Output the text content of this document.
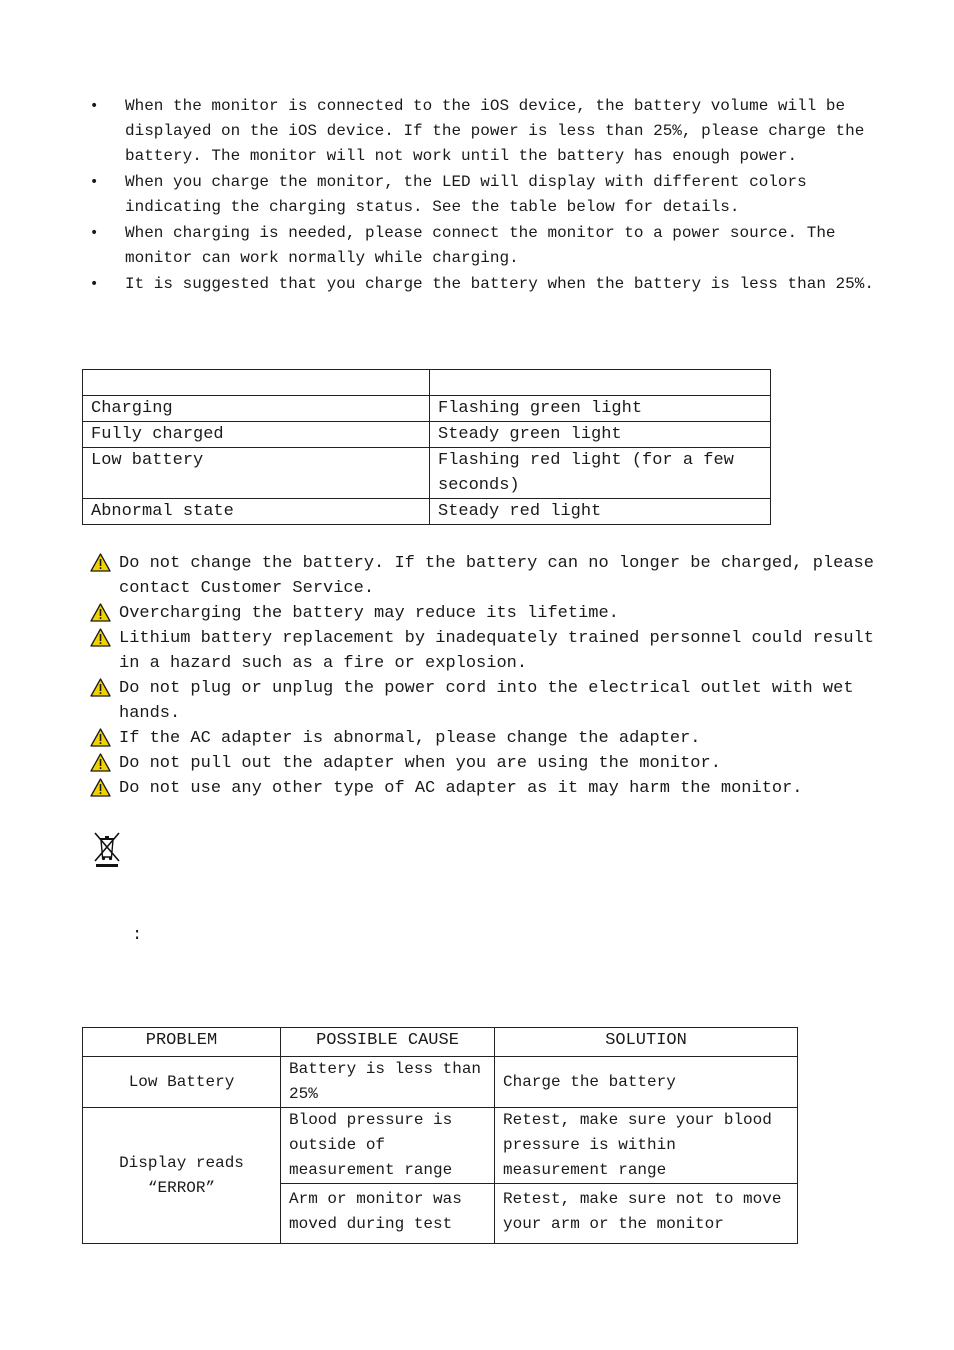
• When the monitor is connected to the iOS device, the battery volume will be displayed on the iOS device. If the power is less than 25%, please charge the battery. The monitor will not work until the battery has enough power.
• When you charge the monitor, the LED will display with different colors indicating the charging status. See the table below for details.
• When charging is needed, please connect the monitor to a power source. The monitor can work normally while charging.
• It is suggested that you charge the battery when the battery is less than 25%.

Charging	Flashing green light
Fully charged	Steady green light
Low battery	Flashing red light (for a few seconds)
Abnormal state	Steady red light
Do not change the battery. If the battery can no longer be charged, please contact Customer Service.
Overcharging the battery may reduce its lifetime.
Lithium battery replacement by inadequately trained personnel could result in a hazard such as a fire or explosion.
Do not plug or unplug the power cord into the electrical outlet with wet hands.
If the AC adapter is abnormal, please change the adapter.
Do not pull out the adapter when you are using the monitor.
Do not use any other type of AC adapter as it may harm the monitor.
:
PROBLEM	POSSIBLE CAUSE	SOLUTION
Low Battery	Battery is less than 25%	Charge the battery

Display reads “ERROR”	Blood pressure is outside of measurement range	Retest, make sure your blood pressure is within measurement range
	Arm or monitor was moved during test	Retest, make sure not to move your arm or the monitor
